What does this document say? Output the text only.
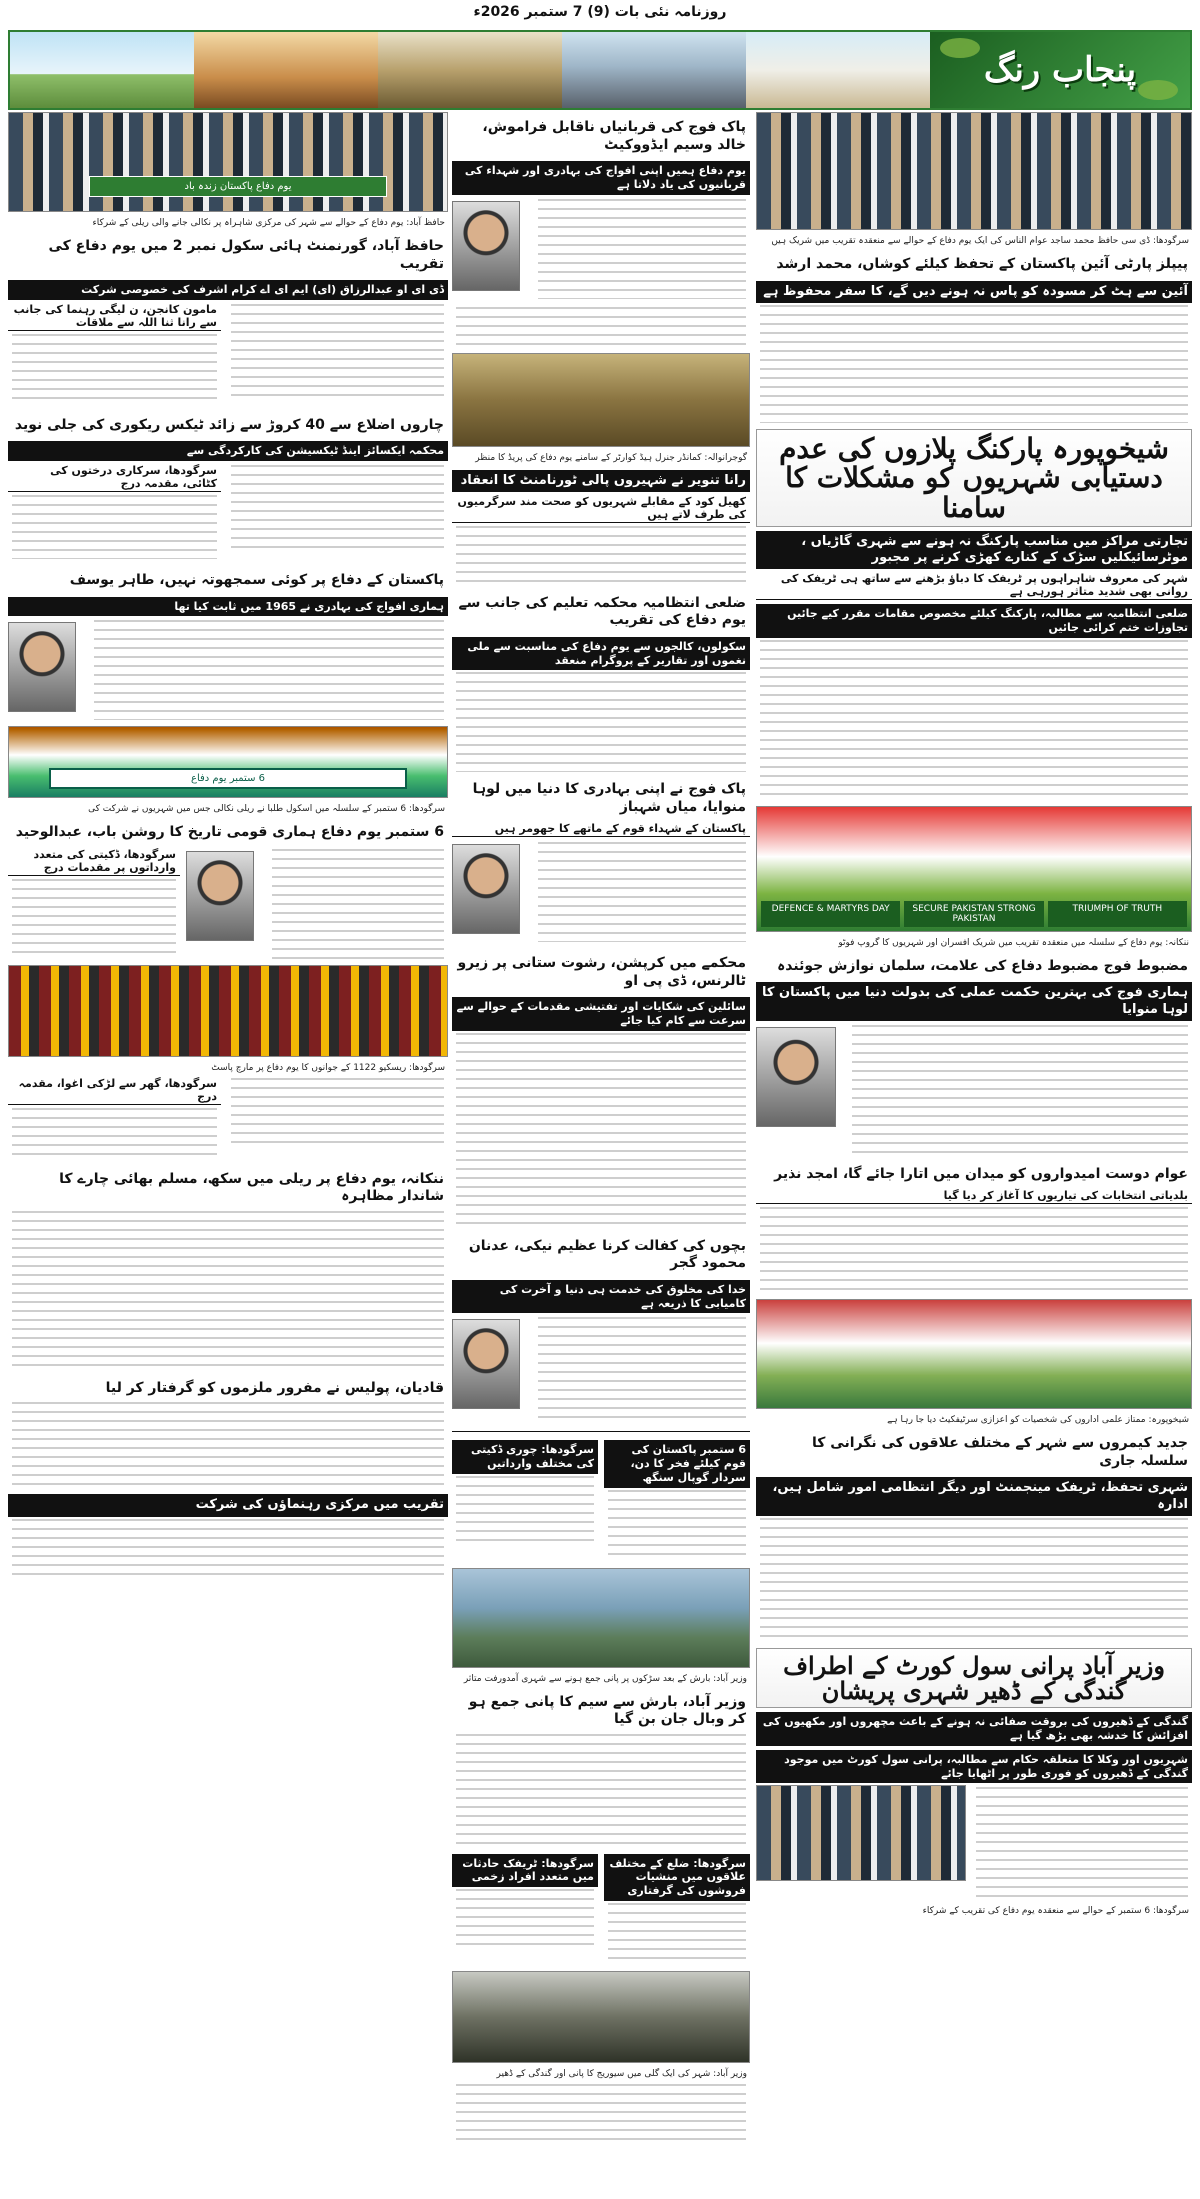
روزنامہ نئی بات (9) 7 ستمبر 2026ء
پنجاب رنگ
سرگودھا: ڈی سی حافظ محمد ساجد عوام الناس کی ایک یوم دفاع کے حوالے سے منعقدہ تقریب میں شریک ہیں
پیپلز پارٹی آئین پاکستان کے تحفظ کیلئے کوشاں، محمد ارشد
آئین سے ہٹ کر مسودہ کو پاس نہ ہونے دیں گے، کا سفر محفوظ ہے
شیخوپورہ پارکنگ پلازوں کی عدم دستیابی شہریوں کو مشکلات کا سامنا
تجارتی مراکز میں مناسب پارکنگ نہ ہونے سے شہری گاڑیاں ، موٹرسائیکلیں سڑک کے کنارے کھڑی کرنے پر مجبور
شہر کی معروف شاہراہوں پر ٹریفک کا دباؤ بڑھنے سے ساتھ ہی ٹریفک کی روانی بھی شدید متاثر ہورہی ہے
ضلعی انتظامیہ سے مطالبہ، پارکنگ کیلئے مخصوص مقامات مقرر کیے جائیں تجاوزات ختم کرائی جائیں
DEFENCE & MARTYRS DAY	SECURE PAKISTAN STRONG PAKISTAN
TRIUMPH OF TRUTH
ننکانہ: یوم دفاع کے سلسلہ میں منعقدہ تقریب میں شریک افسران اور شہریوں کا گروپ فوٹو
مضبوط فوج مضبوط دفاع کی علامت، سلمان نوازش جوئندہ
ہماری فوج کی بہترین حکمت عملی کی بدولت دنیا میں پاکستان کا لوہا منوایا
عوام دوست امیدواروں کو میدان میں اتارا جائے گا، امجد نذیر
بلدیاتی انتخابات کی تیاریوں کا آغاز کر دیا گیا
شیخوپورہ: ممتاز علمی اداروں کی شخصیات کو اعزازی سرٹیفکیٹ دیا جا رہا ہے
جدید کیمروں سے شہر کے مختلف علاقوں کی نگرانی کا سلسلہ جاری
شہری تحفظ، ٹریفک مینجمنٹ اور دیگر انتظامی امور شامل ہیں، ادارہ
وزیر آباد پرانی سول کورٹ کے اطراف گندگی کے ڈھیر شہری پریشان
گندگی کے ڈھیروں کی بروقت صفائی نہ ہونے کے باعث مچھروں اور مکھیوں کی افزائش کا خدشہ بھی بڑھ گیا ہے
شہریوں اور وکلا کا متعلقہ حکام سے مطالبہ، پرانی سول کورٹ میں موجود گندگی کے ڈھیروں کو فوری طور پر اٹھایا جائے
سرگودھا: 6 ستمبر کے حوالے سے منعقدہ یوم دفاع کی تقریب کے شرکاء
پاک فوج کی قربانیاں ناقابل فراموش، خالد وسیم ایڈووکیٹ
یوم دفاع ہمیں اپنی افواج کی بہادری اور شہداء کی قربانیوں کی یاد دلاتا ہے
گوجرانوالہ: کمانڈر جنرل ہیڈ کوارٹر کے سامنے یوم دفاع کی پریڈ کا منظر
رانا تنویر نے شہیروں پالی ٹورنامنٹ کا انعقاد
کھیل کود کے مقابلے شہریوں کو صحت مند سرگرمیوں کی طرف لاتے ہیں
ضلعی انتظامیہ محکمہ تعلیم کی جانب سے یوم دفاع کی تقریب
سکولوں، کالجوں سے یوم دفاع کی مناسبت سے ملی نغموں اور تقاریر کے پروگرام منعقد
پاک فوج نے اپنی بہادری کا دنیا میں لوہا منوایا، میاں شہباز
پاکستان کے شہداء قوم کے ماتھے کا جھومر ہیں
محکمے میں کرپشن، رشوت ستانی پر زیرو ٹالرنس، ڈی پی او
سائلین کی شکایات اور تفتیشی مقدمات کے حوالے سے سرعت سے کام کیا جائے
بچوں کی کفالت کرنا عظیم نیکی، عدنان محمود گجر
خدا کی مخلوق کی خدمت ہی دنیا و آخرت کی کامیابی کا ذریعہ ہے
6 ستمبر پاکستان کی قوم کیلئے فخر کا دن، سردار گوپال سنگھ
سرگودھا: چوری ڈکیتی کی مختلف وارداتیں
وزیر آباد: بارش کے بعد سڑکوں پر پانی جمع ہونے سے شہری آمدورفت متاثر
وزیر آباد، بارش سے سیم کا پانی جمع ہو کر وبال جان بن گیا
سرگودھا: ضلع کے مختلف علاقوں میں منشیات فروشوں کی گرفتاری
سرگودھا: ٹریفک حادثات میں متعدد افراد زخمی
وزیر آباد: شہر کی ایک گلی میں سیوریج کا پانی اور گندگی کے ڈھیر
یوم دفاع پاکستان زندہ باد
حافظ آباد: یوم دفاع کے حوالے سے شہر کی مرکزی شاہراہ پر نکالی جانے والی ریلی کے شرکاء
حافظ آباد، گورنمنٹ ہائی سکول نمبر 2 میں یوم دفاع کی تقریب
ڈی ای او عبدالرزاق (ای) ایم ای اے کرام اشرف کی خصوصی شرکت
مامون کانجن، ن لیگی رہنما کی جانب سے رانا ثنا اللہ سے ملاقات
چاروں اضلاع سے 40 کروڑ سے زائد ٹیکس ریکوری کی جلی نوید
محکمہ ایکسائز اینڈ ٹیکسیشن کی کارکردگی سے
سرگودھا، سرکاری درختوں کی کٹائی، مقدمہ درج
پاکستان کے دفاع پر کوئی سمجھوتہ نہیں، طاہر یوسف
ہماری افواج کی بہادری نے 1965 میں ثابت کیا تھا
6 ستمبر یوم دفاع
سرگودھا: 6 ستمبر کے سلسلہ میں اسکول طلبا نے ریلی نکالی جس میں شہریوں نے شرکت کی
6 ستمبر یوم دفاع ہماری قومی تاریخ کا روشن باب، عبدالوحید
سرگودھا، ڈکیتی کی متعدد وارداتوں پر مقدمات درج
سرگودھا: ریسکیو 1122 کے جوانوں کا یوم دفاع پر مارچ پاسٹ
سرگودھا، گھر سے لڑکی اغوا، مقدمہ درج
ننکانہ، یوم دفاع پر ریلی میں سکھ، مسلم بھائی چارے کا شاندار مظاہرہ
قادیان، پولیس نے مفرور ملزموں کو گرفتار کر لیا
تقریب میں مرکزی رہنماؤں کی شرکت
